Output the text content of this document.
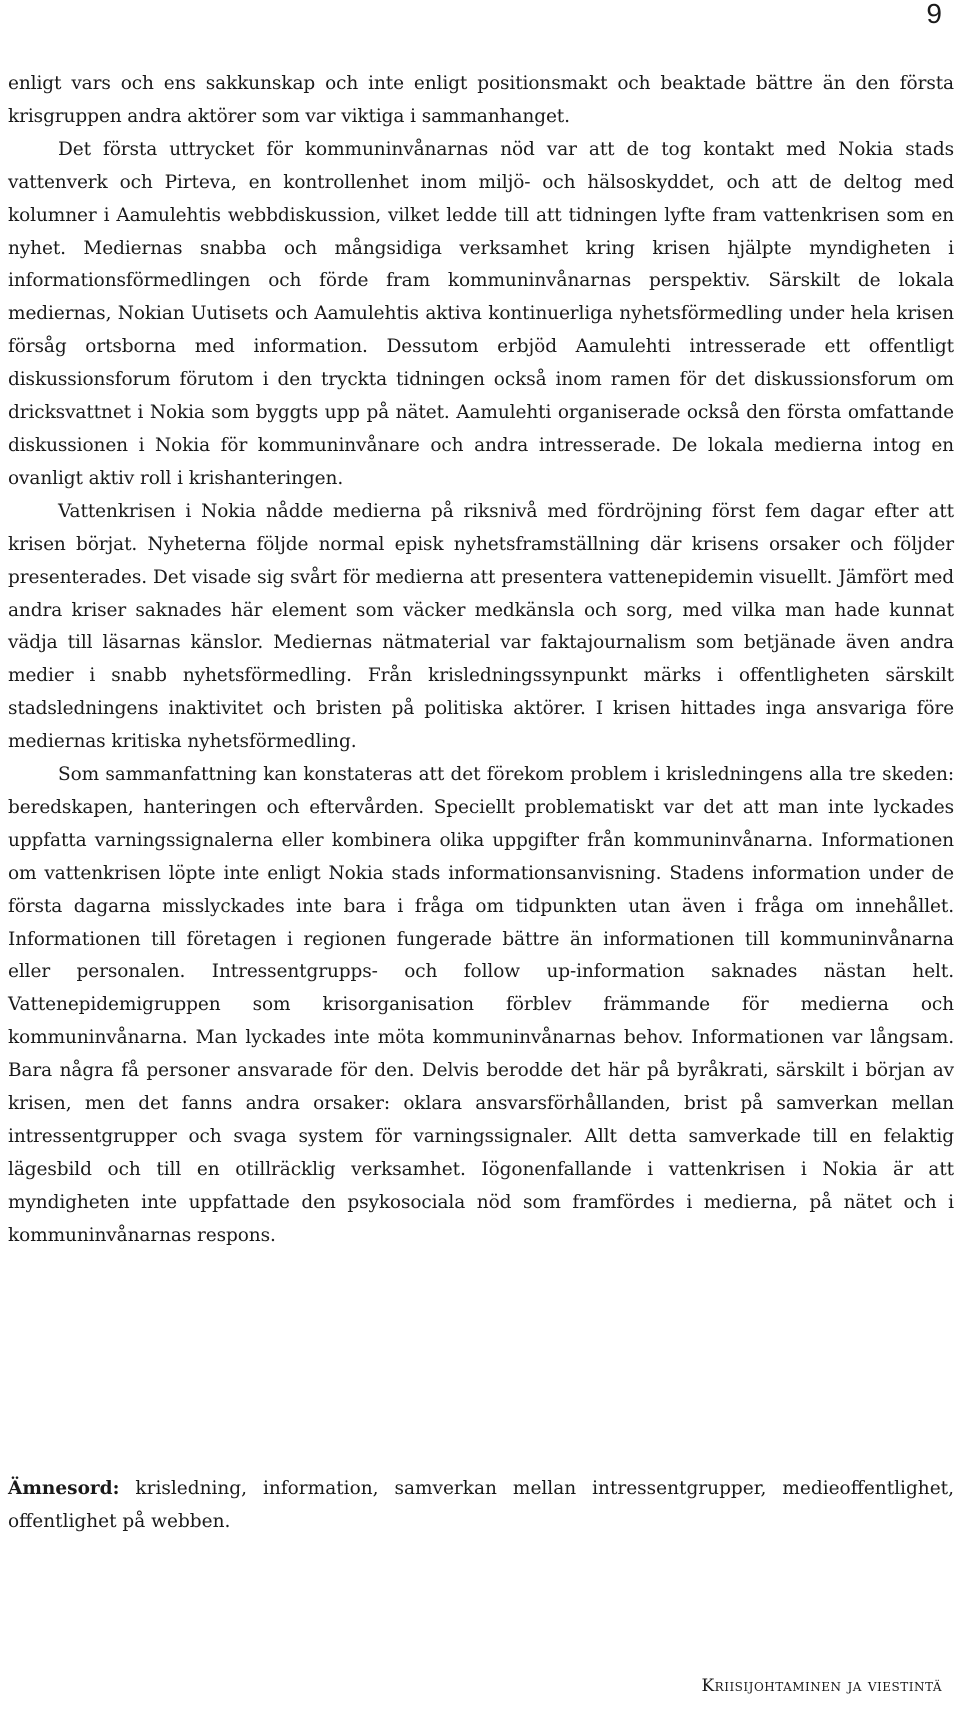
9

enligt vars och ens sakkunskap och inte enligt positionsmakt och beaktade bättre än den första krisgruppen andra aktörer som var viktiga i sammanhanget.

Det första uttrycket för kommuninvånarnas nöd var att de tog kontakt med Nokia stads vattenverk och Pirteva, en kontrollenhet inom miljö- och hälsoskyddet, och att de deltog med kolumner i Aamulehtis webbdiskussion, vilket ledde till att tidningen lyfte fram vattenkrisen som en nyhet. Mediernas snabba och mångsidiga verksamhet kring krisen hjälpte myndigheten i informationsförmedlingen och förde fram kommuninvånarnas perspektiv. Särskilt de lokala mediernas, Nokian Uutisets och Aamulehtis aktiva kontinuerliga nyhetsförmedling under hela krisen försåg ortsborna med information. Dessutom erbjöd Aamulehti intresserade ett offentligt diskussionsforum förutom i den tryckta tidningen också inom ramen för det diskussionsforum om dricksvattnet i Nokia som byggts upp på nätet. Aamulehti organiserade också den första omfattande diskussionen i Nokia för kommuninvånare och andra intresserade. De lokala medierna intog en ovanligt aktiv roll i krishanteringen.

Vattenkrisen i Nokia nådde medierna på riksnivå med fördröjning först fem dagar efter att krisen börjat. Nyheterna följde normal episk nyhetsframställning där krisens orsaker och följder presenterades. Det visade sig svårt för medierna att presentera vattenepidemin visuellt. Jämfört med andra kriser saknades här element som väcker medkänsla och sorg, med vilka man hade kunnat vädja till läsarnas känslor. Mediernas nätmaterial var faktajournalism som betjänade även andra medier i snabb nyhetsförmedling. Från krisledningssynpunkt märks i offentligheten särskilt stadsledningens inaktivitet och bristen på politiska aktörer. I krisen hittades inga ansvariga före mediernas kritiska nyhetsförmedling.

Som sammanfattning kan konstateras att det förekom problem i krisledningens alla tre skeden: beredskapen, hanteringen och eftervården. Speciellt problematiskt var det att man inte lyckades uppfatta varningssignalerna eller kombinera olika uppgifter från kommuninvånarna. Informationen om vattenkrisen löpte inte enligt Nokia stads informationsanvisning. Stadens information under de första dagarna misslyckades inte bara i fråga om tidpunkten utan även i fråga om innehållet. Informationen till företagen i regionen fungerade bättre än informationen till kommuninvånarna eller personalen. Intressentgrupps- och follow up-information saknades nästan helt. Vattenepidemigruppen som krisorganisation förblev främmande för medierna och kommuninvånarna. Man lyckades inte möta kommuninvånarnas behov. Informationen var långsam. Bara några få personer ansvarade för den. Delvis berodde det här på byråkrati, särskilt i början av krisen, men det fanns andra orsaker: oklara ansvarsförhållanden, brist på samverkan mellan intressentgrupper och svaga system för varningssignaler. Allt detta samverkade till en felaktig lägesbild och till en otillräcklig verksamhet. Iögonenfallande i vattenkrisen i Nokia är att myndigheten inte uppfattade den psykosociala nöd som framfördes i medierna, på nätet och i kommuninvånarnas respons.

Ämnesord: krisledning, information, samverkan mellan intressentgrupper, medieoffentlighet, offentlighet på webben.

Kriisijohtaminen ja viestintä
